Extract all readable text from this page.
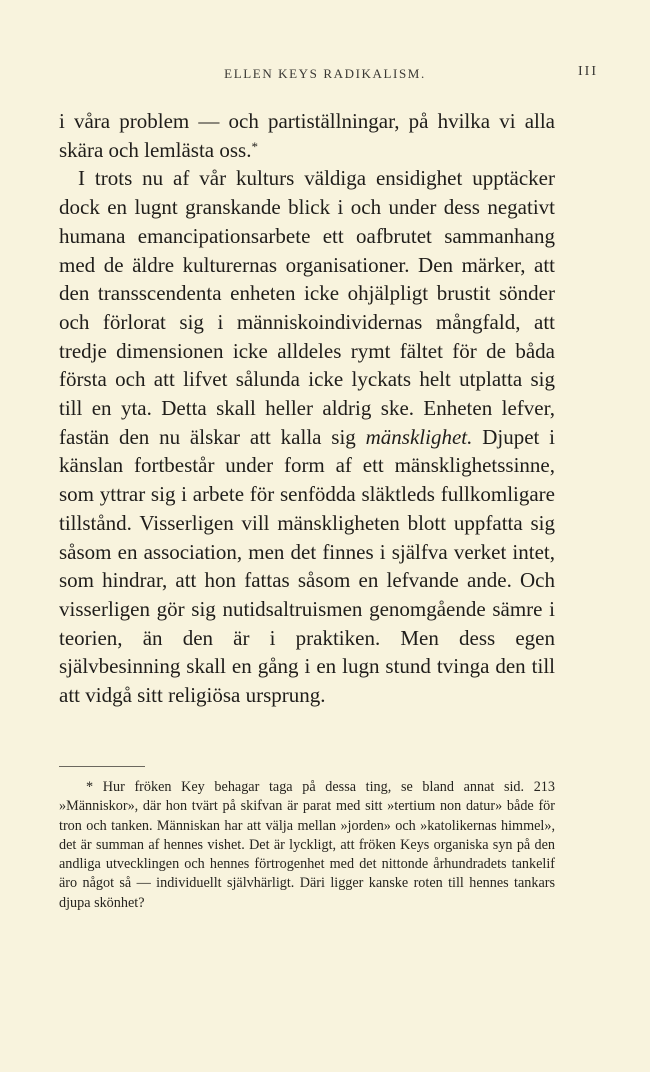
ELLEN KEYS RADIKALISM.	III

i våra problem — och partiställningar, på hvilka vi alla skära och lemlästa oss.*

I trots nu af vår kulturs väldiga ensidighet upptäcker dock en lugnt granskande blick i och under dess negativt humana emancipationsarbete ett oafbrutet sammanhang med de äldre kulturernas organisationer. Den märker, att den transscendenta enheten icke ohjälpligt brustit sönder och förlorat sig i människoindividernas mångfald, att tredje dimensionen icke alldeles rymt fältet för de båda första och att lifvet sålunda icke lyckats helt utplatta sig till en yta. Detta skall heller aldrig ske. Enheten lefver, fastän den nu älskar att kalla sig mänsklighet. Djupet i känslan fortbestår under form af ett mänsklighetssinne, som yttrar sig i arbete för senfödda släktleds fullkomligare tillstånd. Visserligen vill mänskligheten blott uppfatta sig såsom en association, men det finnes i själfva verket intet, som hindrar, att hon fattas såsom en lefvande ande. Och visserligen gör sig nutidsaltruismen genomgående sämre i teorien, än den är i praktiken. Men dess egen självbesinning skall en gång i en lugn stund tvinga den till att vidgå sitt religiösa ursprung.

* Hur fröken Key behagar taga på dessa ting, se bland annat sid. 213 »Människor», där hon tvärt på skifvan är parat med sitt »tertium non datur» både för tron och tanken. Människan har att välja mellan »jorden» och »katolikernas himmel», det är summan af hennes vishet. Det är lyckligt, att fröken Keys organiska syn på den andliga utvecklingen och hennes förtrogenhet med det nittonde århundradets tankelif äro något så — individuellt självhärligt. Däri ligger kanske roten till hennes tankars djupa skönhet?
